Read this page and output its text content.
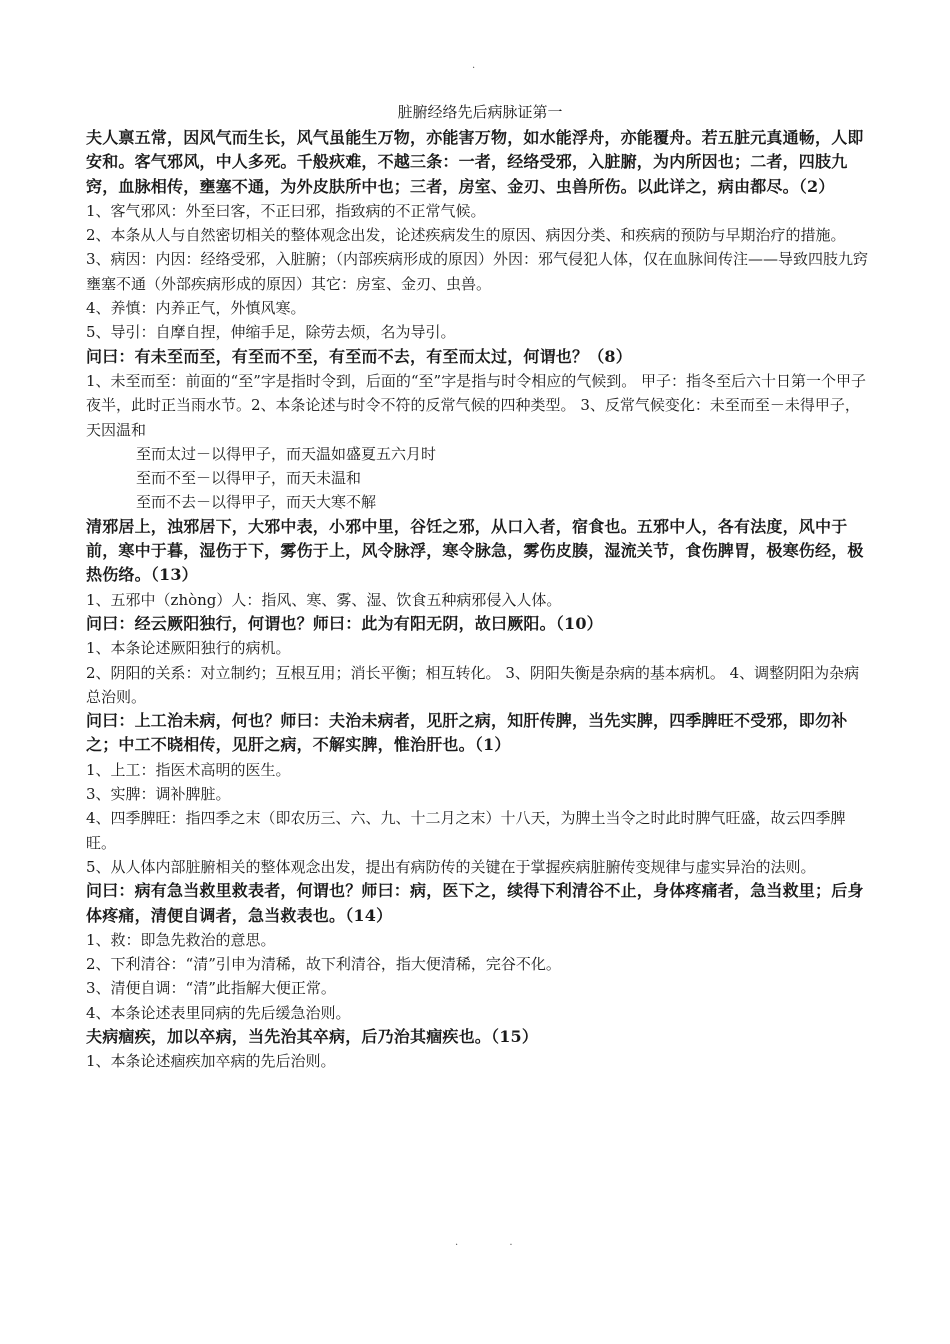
.
脏腑经络先后病脉证第一

夫人禀五常，因风气而生长，风气虽能生万物，亦能害万物，如水能浮舟，亦能覆舟。若五脏元真通畅，人即安和。客气邪风，中人多死。千般疢难，不越三条：一者，经络受邪，入脏腑，为内所因也；二者，四肢九窍，血脉相传，壅塞不通，为外皮肤所中也；三者，房室、金刃、虫兽所伤。以此详之，病由都尽。（2）

1、客气邪风：外至曰客，不正曰邪，指致病的不正常气候。

2、本条从人与自然密切相关的整体观念出发，论述疾病发生的原因、病因分类、和疾病的预防与早期治疗的措施。

3、病因：内因：经络受邪，入脏腑；（内部疾病形成的原因）外因：邪气侵犯人体，仅在血脉间传注——导致四肢九窍壅塞不通（外部疾病形成的原因）其它：房室、金刃、虫兽。

4、养慎：内养正气，外慎风寒。

5、导引：自摩自捏，伸缩手足，除劳去烦，名为导引。

问曰：有未至而至，有至而不至，有至而不去，有至而太过，何谓也？（8）

1、未至而至：前面的“至”字是指时令到，后面的“至”字是指与时令相应的气候到。 甲子：指冬至后六十日第一个甲子夜半，此时正当雨水节。2、本条论述与时令不符的反常气候的四种类型。 3、反常气候变化：未至而至－未得甲子，天因温和

至而太过－以得甲子，而天温如盛夏五六月时

至而不至－以得甲子，而天未温和

至而不去－以得甲子，而天大寒不解

清邪居上，浊邪居下，大邪中表，小邪中里，谷饪之邪，从口入者，宿食也。五邪中人，各有法度，风中于前，寒中于暮，湿伤于下，雾伤于上，风令脉浮，寒令脉急，雾伤皮腠，湿流关节，食伤脾胃，极寒伤经，极热伤络。（13）

1、五邪中（zhòng）人：指风、寒、雾、湿、饮食五种病邪侵入人体。

问曰：经云厥阳独行，何谓也？师曰：此为有阳无阴，故曰厥阳。（10）

1、本条论述厥阳独行的病机。

2、阴阳的关系：对立制约；互根互用；消长平衡；相互转化。 3、阴阳失衡是杂病的基本病机。 4、调整阴阳为杂病总治则。

问曰：上工治未病，何也？师曰：夫治未病者，见肝之病，知肝传脾，当先实脾，四季脾旺不受邪，即勿补之；中工不晓相传，见肝之病，不解实脾，惟治肝也。（1）

1、上工：指医术高明的医生。

3、实脾：调补脾脏。

4、四季脾旺：指四季之末（即农历三、六、九、十二月之末）十八天，为脾土当令之时此时脾气旺盛，故云四季脾旺。

5、从人体内部脏腑相关的整体观念出发，提出有病防传的关键在于掌握疾病脏腑传变规律与虚实异治的法则。

问曰：病有急当救里救表者，何谓也？师曰：病，医下之，续得下利清谷不止，身体疼痛者，急当救里；后身体疼痛，清便自调者，急当救表也。（14）

1、救：即急先救治的意思。

2、下利清谷：“清”引申为清稀，故下利清谷，指大便清稀，完谷不化。

3、清便自调：“清”此指解大便正常。

4、本条论述表里同病的先后缓急治则。

夫病痼疾，加以卒病，当先治其卒病，后乃治其痼疾也。（15）

1、本条论述痼疾加卒病的先后治则。

. .
